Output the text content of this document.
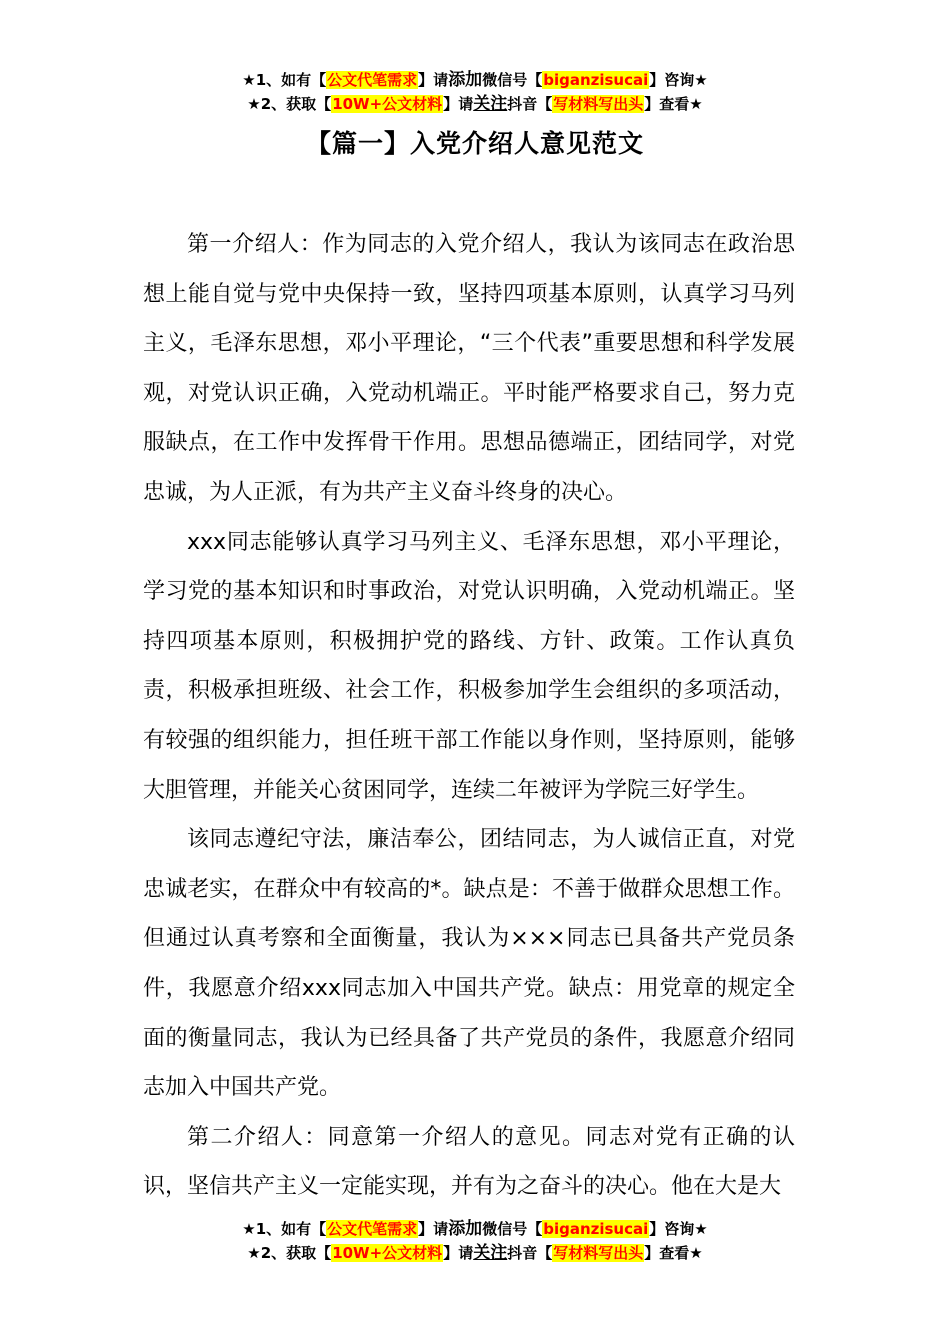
★1、如有【公文代笔需求】请添加微信号【biganzisucai】咨询★
★2、获取【10W+公文材料】请关注抖音【写材料写出头】查看★
【篇一】入党介绍人意见范文

第一介绍人：作为同志的入党介绍人，我认为该同志在政治思想上能自觉与党中央保持一致，坚持四项基本原则，认真学习马列主义，毛泽东思想，邓小平理论，“三个代表”重要思想和科学发展观，对党认识正确，入党动机端正。平时能严格要求自己，努力克服缺点，在工作中发挥骨干作用。思想品德端正，团结同学，对党忠诚，为人正派，有为共产主义奋斗终身的决心。

xxx同志能够认真学习马列主义、毛泽东思想，邓小平理论，学习党的基本知识和时事政治，对党认识明确，入党动机端正。坚持四项基本原则，积极拥护党的路线、方针、政策。工作认真负责，积极承担班级、社会工作，积极参加学生会组织的多项活动，有较强的组织能力，担任班干部工作能以身作则，坚持原则，能够大胆管理，并能关心贫困同学，连续二年被评为学院三好学生。

该同志遵纪守法，廉洁奉公，团结同志，为人诚信正直，对党忠诚老实，在群众中有较高的*。缺点是：不善于做群众思想工作。但通过认真考察和全面衡量，我认为×××同志已具备共产党员条件，我愿意介绍xxx同志加入中国共产党。缺点：用党章的规定全面的衡量同志，我认为已经具备了共产党员的条件，我愿意介绍同志加入中国共产党。

第二介绍人：同意第一介绍人的意见。同志对党有正确的认识，坚信共产主义一定能实现，并有为之奋斗的决心。他在大是大

★1、如有【公文代笔需求】请添加微信号【biganzisucai】咨询★
★2、获取【10W+公文材料】请关注抖音【写材料写出头】查看★
